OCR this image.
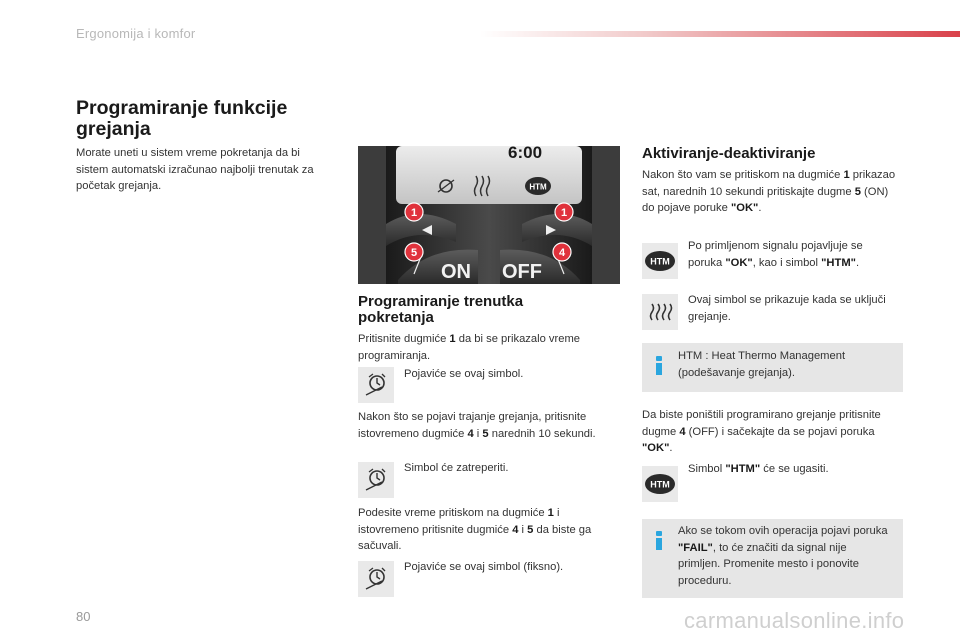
Ergonomija i komfor
Programiranje funkcije grejanja
Morate uneti u sistem vreme pokretanja da bi sistem automatski izračunao najbolji trenutak za početak grejanja.
6:00
HTM
1	1
5	4
ON OFF
Programiranje trenutka pokretanja
Pritisnite dugmiće 1 da bi se prikazalo vreme programiranja.
Pojaviće se ovaj simbol.
Nakon što se pojavi trajanje grejanja, pritisnite istovremeno dugmiće 4 i 5 narednih 10 sekundi.
Simbol će zatreperiti.
Podesite vreme pritiskom na dugmiće 1 i istovremeno pritisnite dugmiće 4 i 5 da biste ga sačuvali.
Pojaviće se ovaj simbol (fiksno).
Aktiviranje-deaktiviranje
Nakon što vam se pritiskom na dugmiće 1 prikazao sat, narednih 10 sekundi pritiskajte dugme 5 (ON) do pojave poruke "OK".
HTM
Po primljenom signalu pojavljuje se poruka "OK", kao i simbol "HTM".
Ovaj simbol se prikazuje kada se uključi grejanje.
HTM : Heat Thermo Management (podešavanje grejanja).
Da biste poništili programirano grejanje pritisnite dugme 4 (OFF) i sačekajte da se pojavi poruka "OK".
HTM
Simbol "HTM" će se ugasiti.
Ako se tokom ovih operacija pojavi poruka "FAIL", to će značiti da signal nije primljen. Promenite mesto i ponovite proceduru.
80	carmanualsonline.info
